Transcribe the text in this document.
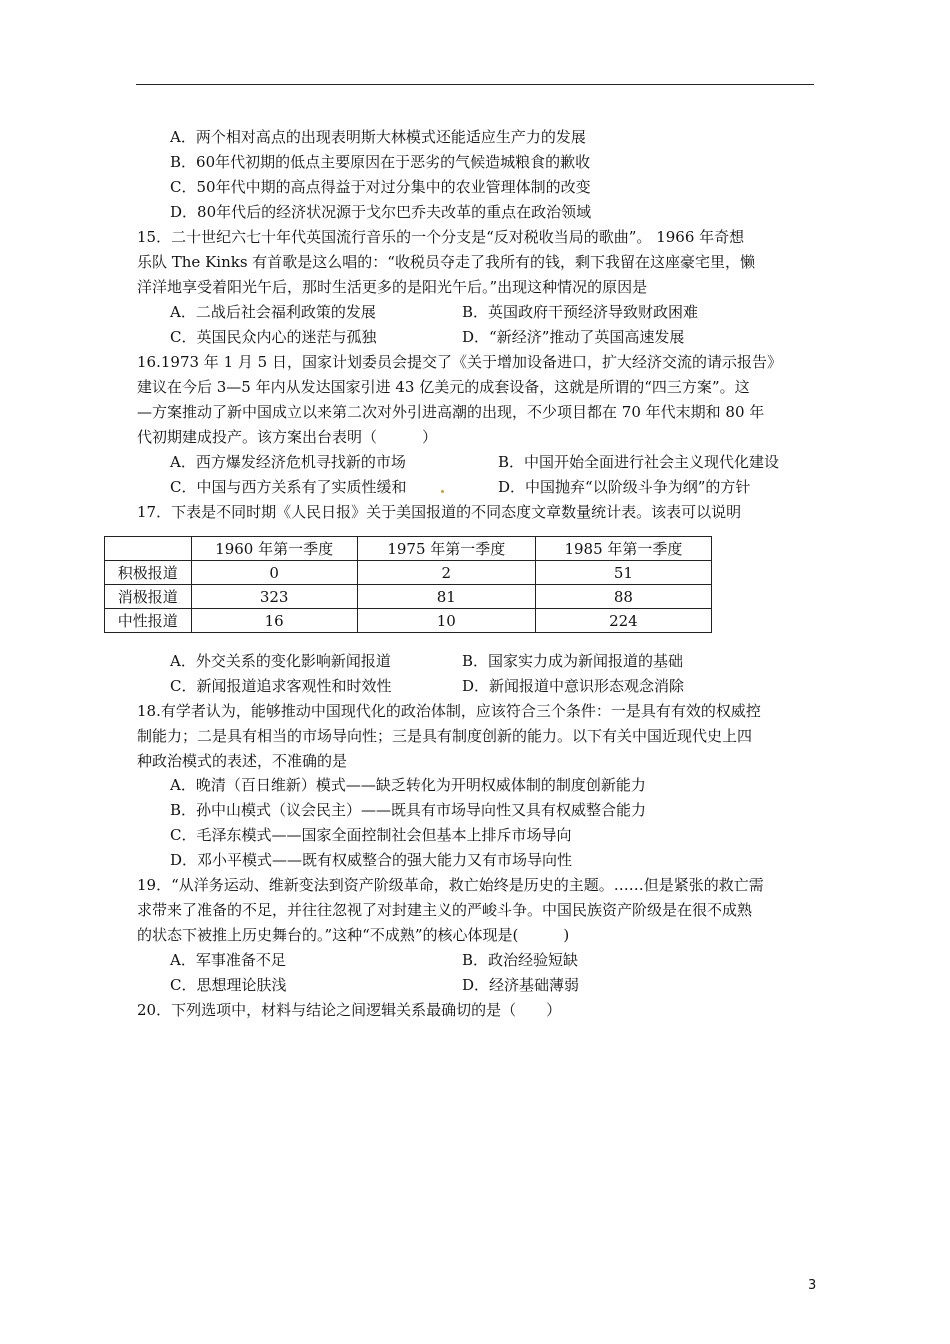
A．两个相对高点的出现表明斯大林模式还能适应生产力的发展
B．60年代初期的低点主要原因在于恶劣的气候造城粮食的歉收
C．50年代中期的高点得益于对过分集中的农业管理体制的改变
D．80年代后的经济状况源于戈尔巴乔夫改革的重点在政治领域
15．二十世纪六七十年代英国流行音乐的一个分支是“反对税收当局的歌曲”。 1966 年奇想
乐队 The Kinks 有首歌是这么唱的：“收税员夺走了我所有的钱，剩下我留在这座豪宅里，懒
洋洋地享受着阳光午后，那时生活更多的是阳光午后。”出现这种情况的原因是
A．二战后社会福利政策的发展	B．英国政府干预经济导致财政困难
C．英国民众内心的迷茫与孤独	D．“新经济”推动了英国高速发展
16.1973 年 1 月 5 日，国家计划委员会提交了《关于增加设备进口，扩大经济交流的请示报告》
建议在今后 3—5 年内从发达国家引进 43 亿美元的成套设备，这就是所谓的“四三方案”。这
—方案推动了新中国成立以来第二次对外引进高潮的出现，不少项目都在 70 年代末期和 80 年
代初期建成投产。该方案出台表明（　　　）
A．西方爆发经济危机寻找新的市场	B．中国开始全面进行社会主义现代化建设
C．中国与西方关系有了实质性缓和	D．中国抛弃“以阶级斗争为纲”的方针
17．下表是不同时期《人民日报》关于美国报道的不同态度文章数量统计表。该表可以说明
	1960 年第一季度	1975 年第一季度	1985 年第一季度
积极报道	0	2	51
消极报道	323	81	88
中性报道	16	10	224
A．外交关系的变化影响新闻报道	B．国家实力成为新闻报道的基础
C．新闻报道追求客观性和时效性	D．新闻报道中意识形态观念消除
18.有学者认为，能够推动中国现代化的政治体制，应该符合三个条件：一是具有有效的权威控
制能力；二是具有相当的市场导向性；三是具有制度创新的能力。以下有关中国近现代史上四
种政治模式的表述，不准确的是
A．晚清（百日维新）模式——缺乏转化为开明权威体制的制度创新能力
B．孙中山模式（议会民主）——既具有市场导向性又具有权威整合能力
C．毛泽东模式——国家全面控制社会但基本上排斥市场导向
D．邓小平模式——既有权威整合的强大能力又有市场导向性
19．“从洋务运动、维新变法到资产阶级革命，救亡始终是历史的主题。……但是紧张的救亡需
求带来了准备的不足，并往往忽视了对封建主义的严峻斗争。中国民族资产阶级是在很不成熟
的状态下被推上历史舞台的。”这种“不成熟”的核心体现是(　　　)
A．军事准备不足	B．政治经验短缺
C．思想理论肤浅	D．经济基础薄弱
20．下列选项中，材料与结论之间逻辑关系最确切的是（　　）
3
